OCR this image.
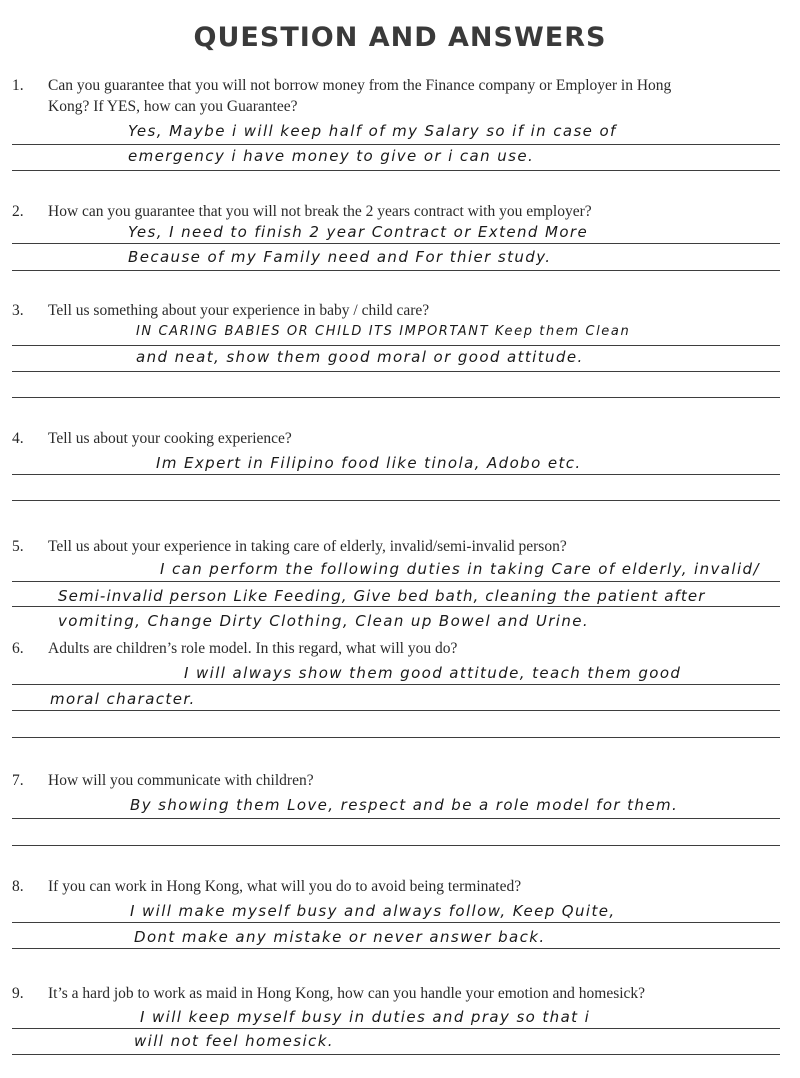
QUESTION AND ANSWERS
1. Can you guarantee that you will not borrow money from the Finance company or Employer in Hong
Kong? If YES, how can you Guarantee?
Yes, Maybe i will keep half of my Salary so if in case of
emergency i have money to give or i can use.
2. How can you guarantee that you will not break the 2 years contract with you employer?
Yes, I need to finish 2 year Contract or Extend More
Because of my Family need and For thier study.
3. Tell us something about your experience in baby / child care?
IN CARING BABIES OR CHILD ITS IMPORTANT Keep them Clean
and neat, show them good moral or good attitude.
4. Tell us about your cooking experience?
Im Expert in Filipino food like tinola, Adobo etc.
5. Tell us about your experience in taking care of elderly, invalid/semi-invalid person?
I can perform the following duties in taking Care of elderly, invalid/
Semi-invalid person Like Feeding, Give bed bath, cleaning the patient after
vomiting, Change Dirty Clothing, Clean up Bowel and Urine.
6. Adults are children’s role model. In this regard, what will you do?
I will always show them good attitude, teach them good
moral character.
7. How will you communicate with children?
By showing them Love, respect and be a role model for them.
8. If you can work in Hong Kong, what will you do to avoid being terminated?
I will make myself busy and always follow, Keep Quite,
Dont make any mistake or never answer back.
9. It’s a hard job to work as maid in Hong Kong, how can you handle your emotion and homesick?
I will keep myself busy in duties and pray so that i
will not feel homesick.
